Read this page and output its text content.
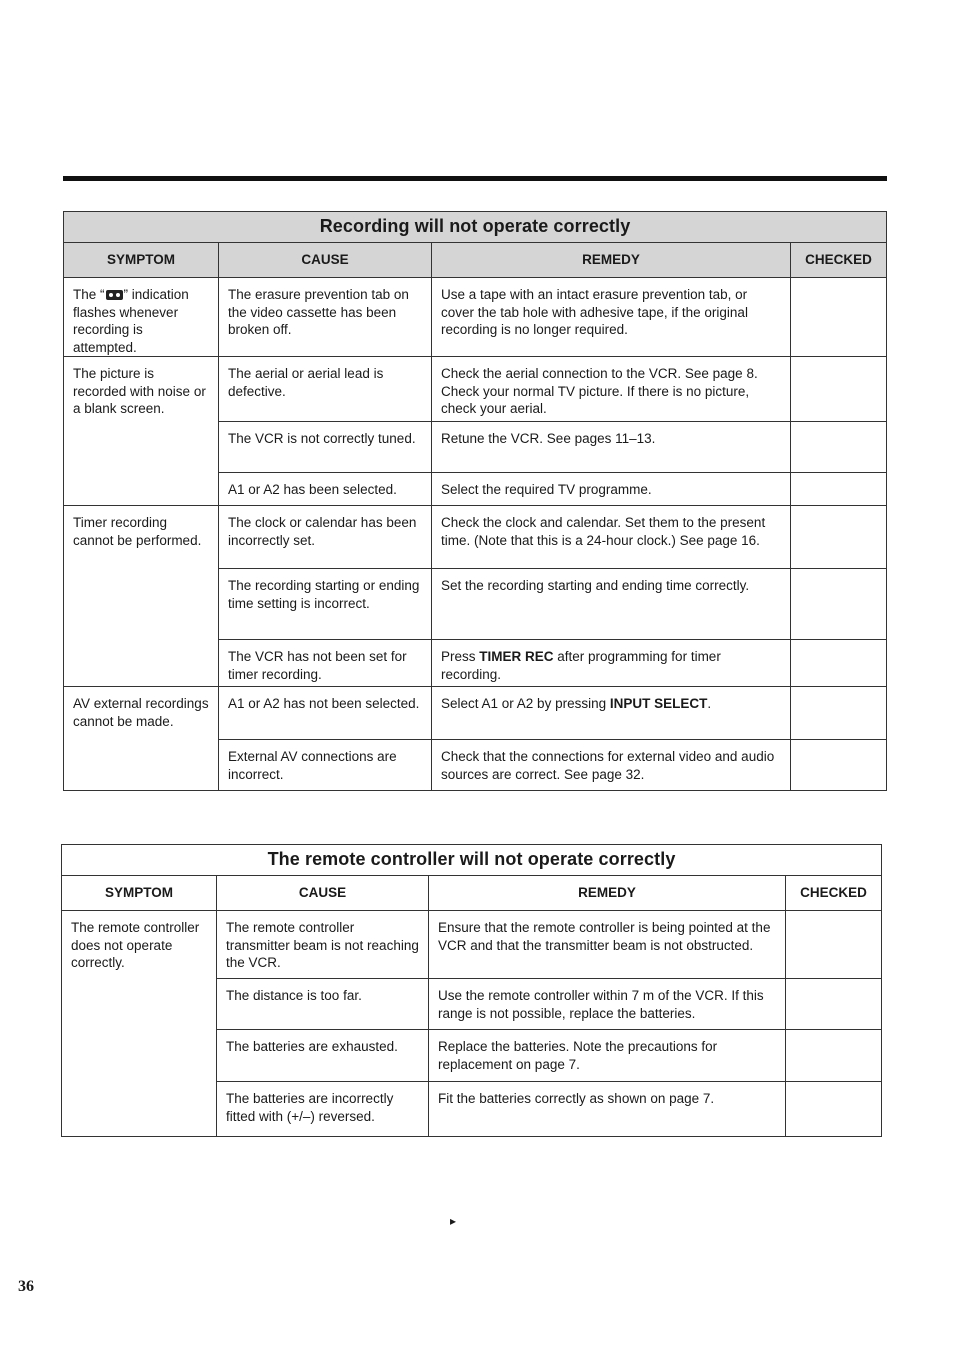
Recording will not operate correctly			
SYMPTOM	CAUSE	REMEDY	CHECKED

The “ ” indication flashes whenever recording is attempted.	The erasure prevention tab on the video cassette has been broken off.	Use a tape with an intact erasure prevention tab, or cover the tab hole with adhesive tape, if the original recording is no longer required.	

The picture is recorded with noise or a blank screen.	The aerial or aerial lead is defective.	Check the aerial connection to the VCR. See page 8. Check your normal TV picture. If there is no picture, check your aerial.	

	The VCR is not correctly tuned.	Retune the VCR. See pages 11–13.	

	A1 or A2 has been selected.	Select the required TV programme.	

Timer recording cannot be performed.	The clock or calendar has been incorrectly set.	Check the clock and calendar. Set them to the present time. (Note that this is a 24-hour clock.) See page 16.	

	The recording starting or ending time setting is incorrect.	Set the recording starting and ending time correctly.	

	The VCR has not been set for timer recording.	Press TIMER REC after programming for timer recording.	

AV external recordings cannot be made.	A1 or A2 has not been selected.	Select A1 or A2 by pressing INPUT SELECT.	

	External AV connections are incorrect.	Check that the connections for external video and audio sources are correct. See page 32.	

The remote controller will not operate correctly			
SYMPTOM	CAUSE	REMEDY	CHECKED

The remote controller does not operate correctly.	The remote controller transmitter beam is not reaching the VCR.	Ensure that the remote controller is being pointed at the VCR and that the transmitter beam is not obstructed.	

	The distance is too far.	Use the remote controller within 7 m of the VCR. If this range is not possible, replace the batteries.	

	The batteries are exhausted.	Replace the batteries. Note the precautions for replacement on page 7.	

	The batteries are incorrectly fitted with (+/–) reversed.	Fit the batteries correctly as shown on page 7.	

▸
36
